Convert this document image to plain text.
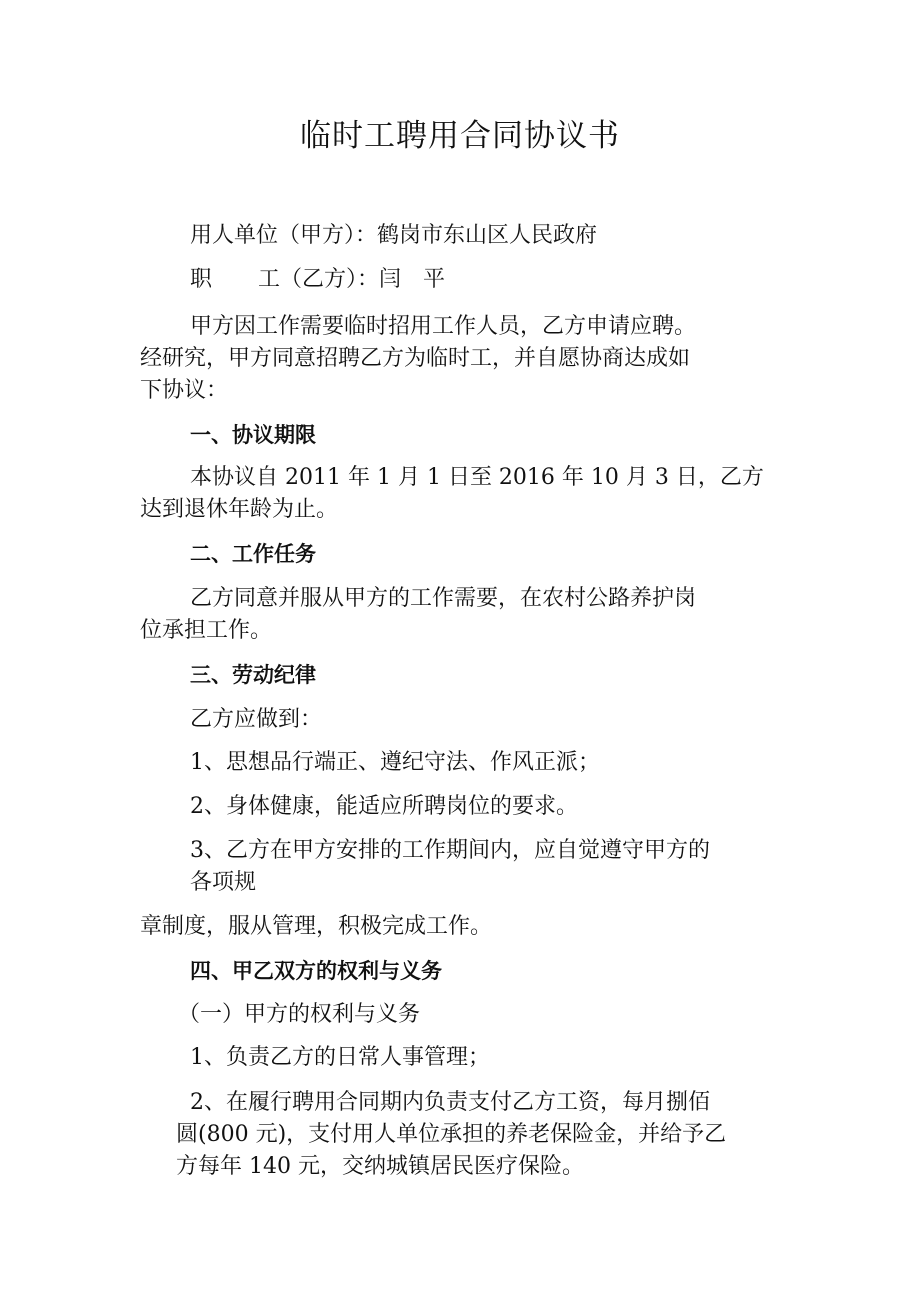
临时工聘用合同协议书
用人单位（甲方）：鹤岗市东山区人民政府
职 工（乙方）：闫 平
甲方因工作需要临时招用工作人员，乙方申请应聘。
经研究，甲方同意招聘乙方为临时工，并自愿协商达成如
下协议：
一、协议期限
本协议自 2011 年 1 月 1 日至 2016 年 10 月 3 日，乙方
达到退休年龄为止。
二、工作任务
乙方同意并服从甲方的工作需要，在农村公路养护岗
位承担工作。
三、劳动纪律
乙方应做到：
1、思想品行端正、遵纪守法、作风正派；
2、身体健康，能适应所聘岗位的要求。
3、乙方在甲方安排的工作期间内，应自觉遵守甲方的
各项规
章制度，服从管理，积极完成工作。
四、甲乙双方的权利与义务
（一）甲方的权利与义务
1、负责乙方的日常人事管理；
2、在履行聘用合同期内负责支付乙方工资，每月捌佰
圆(800 元)，支付用人单位承担的养老保险金，并给予乙
方每年 140 元，交纳城镇居民医疗保险。
